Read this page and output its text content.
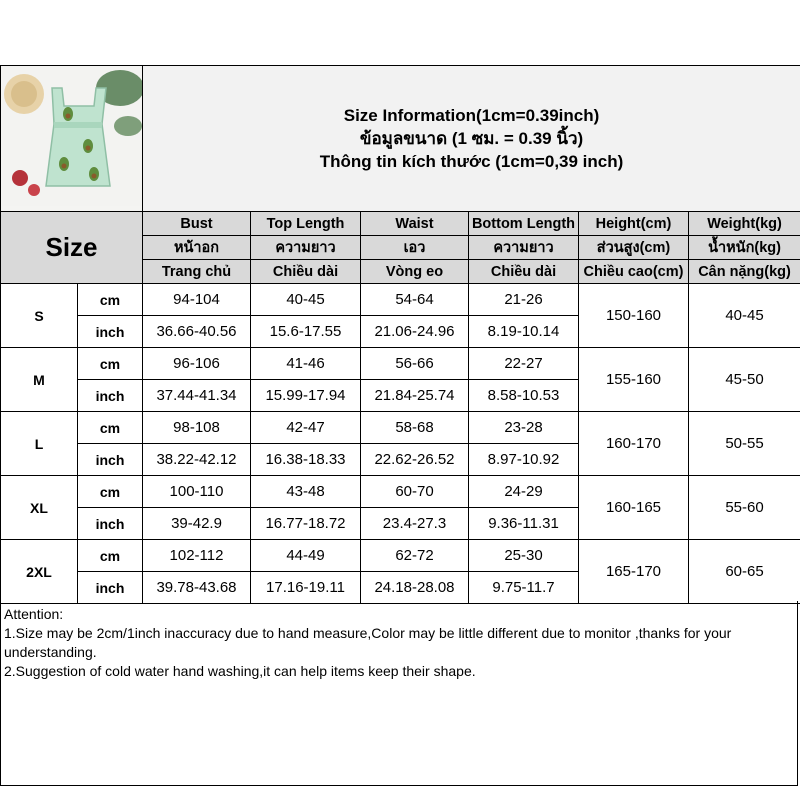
Size Information(1cm=0.39inch)
ข้อมูลขนาด (1 ซม. = 0.39 นิ้ว)
Thông tin kích thước (1cm=0,39 inch)					

Size		Bust	Top Length	Waist	Bottom Length	Height(cm)	Weight(kg)
		หน้าอก	ความยาว	เอว	ความยาว	ส่วนสูง(cm)	น้ำหนัก(kg)
		Trang chủ	Chiều dài	Vòng eo	Chiều dài	Chiều cao(cm)	Cân nặng(kg)
S	cm	94-104	40-45	54-64	21-26	150-160	40-45
	inch	36.66-40.56	15.6-17.55	21.06-24.96	8.19-10.14		
M	cm	96-106	41-46	56-66	22-27	155-160	45-50
	inch	37.44-41.34	15.99-17.94	21.84-25.74	8.58-10.53		
L	cm	98-108	42-47	58-68	23-28	160-170	50-55
	inch	38.22-42.12	16.38-18.33	22.62-26.52	8.97-10.92		
XL	cm	100-110	43-48	60-70	24-29	160-165	55-60
	inch	39-42.9	16.77-18.72	23.4-27.3	9.36-11.31		
2XL	cm	102-112	44-49	62-72	25-30	165-170	60-65
	inch	39.78-43.68	17.16-19.11	24.18-28.08	9.75-11.7		
Attention:
1.Size may be 2cm/1inch inaccuracy due to hand measure,Color may be little different due to monitor ,thanks for your understanding.
2.Suggestion of cold water hand washing,it can help items keep their shape.
